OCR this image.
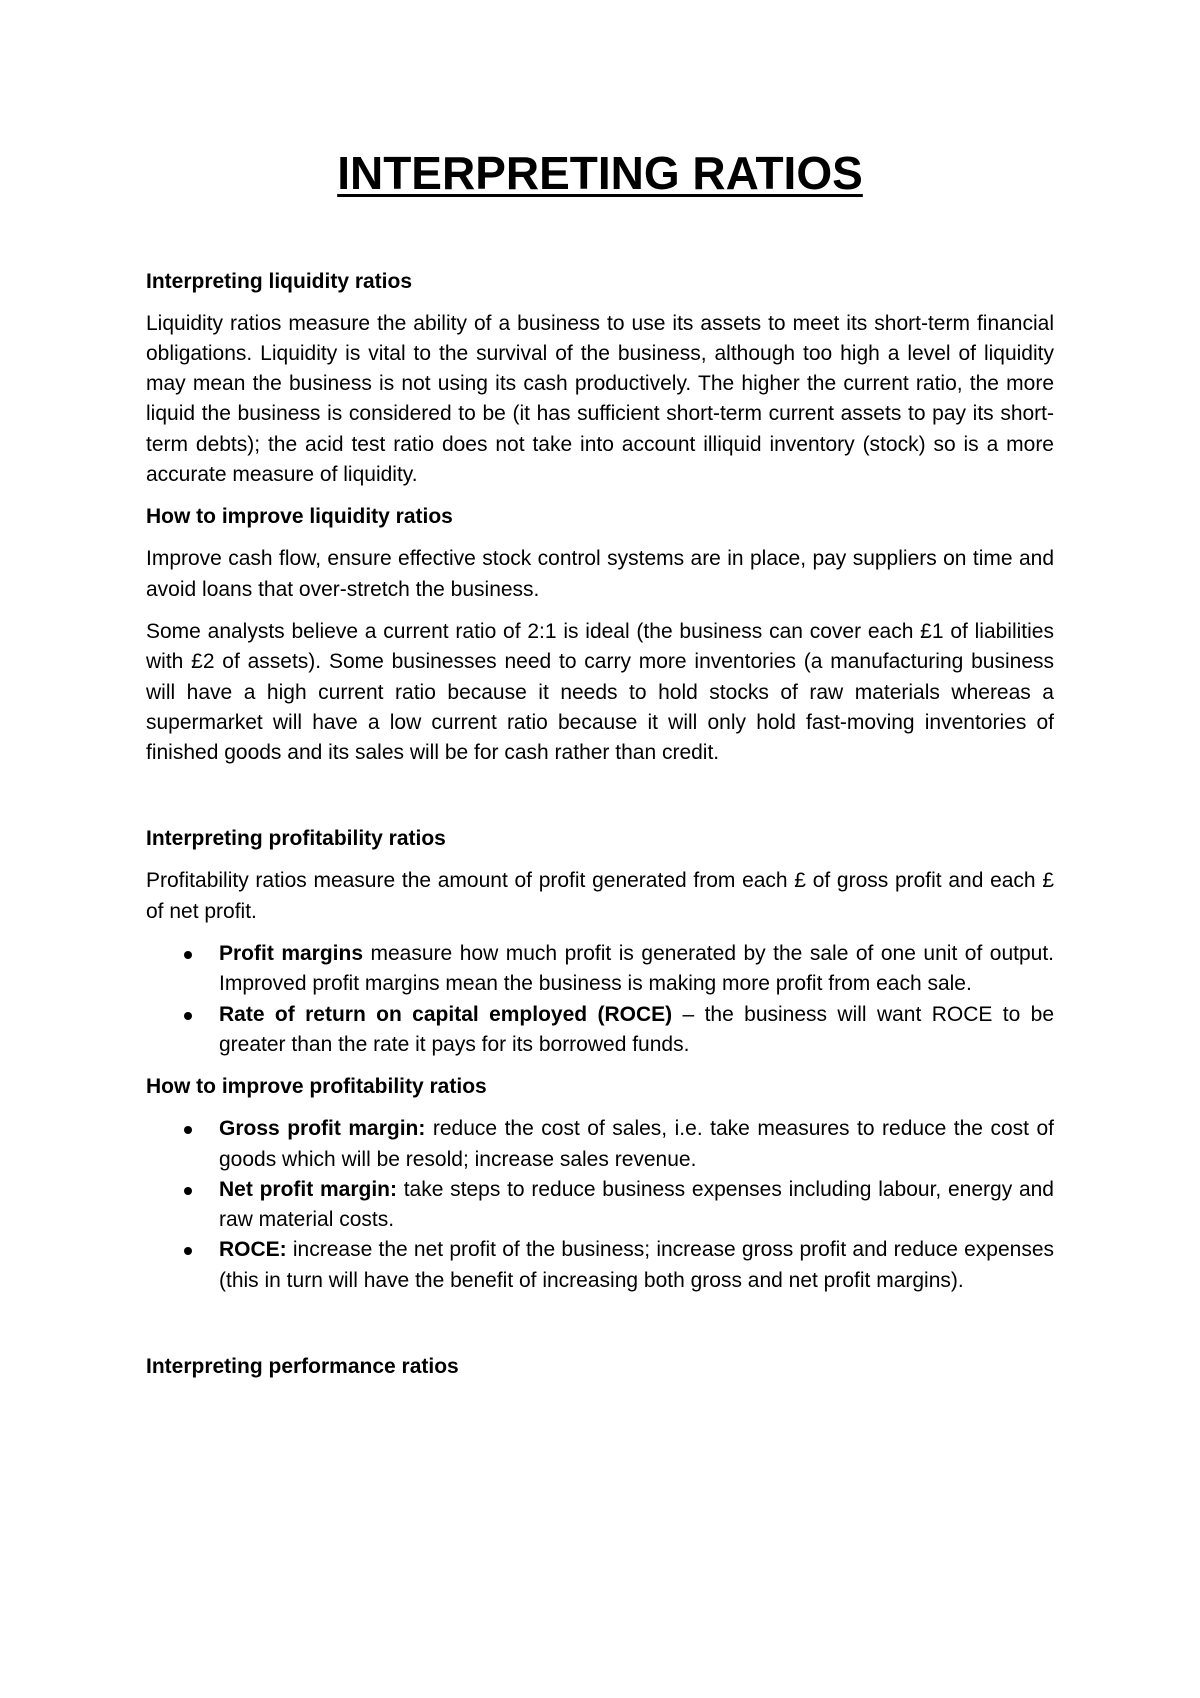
INTERPRETING RATIOS
Interpreting liquidity ratios

Liquidity ratios measure the ability of a business to use its assets to meet its short-term financial obligations. Liquidity is vital to the survival of the business, although too high a level of liquidity may mean the business is not using its cash productively. The higher the current ratio, the more liquid the business is considered to be (it has sufficient short-term current assets to pay its short-term debts); the acid test ratio does not take into account illiquid inventory (stock) so is a more accurate measure of liquidity.

How to improve liquidity ratios

Improve cash flow, ensure effective stock control systems are in place, pay suppliers on time and avoid loans that over-stretch the business.

Some analysts believe a current ratio of 2:1 is ideal (the business can cover each £1 of liabilities with £2 of assets). Some businesses need to carry more inventories (a manufacturing business will have a high current ratio because it needs to hold stocks of raw materials whereas a supermarket will have a low current ratio because it will only hold fast-moving inventories of finished goods and its sales will be for cash rather than credit.

Interpreting profitability ratios

Profitability ratios measure the amount of profit generated from each £ of gross profit and each £ of net profit.

Profit margins measure how much profit is generated by the sale of one unit of output. Improved profit margins mean the business is making more profit from each sale.
Rate of return on capital employed (ROCE) – the business will want ROCE to be greater than the rate it pays for its borrowed funds.
How to improve profitability ratios
Gross profit margin: reduce the cost of sales, i.e. take measures to reduce the cost of goods which will be resold; increase sales revenue.
Net profit margin: take steps to reduce business expenses including labour, energy and raw material costs.
ROCE: increase the net profit of the business; increase gross profit and reduce expenses (this in turn will have the benefit of increasing both gross and net profit margins).
Interpreting performance ratios
